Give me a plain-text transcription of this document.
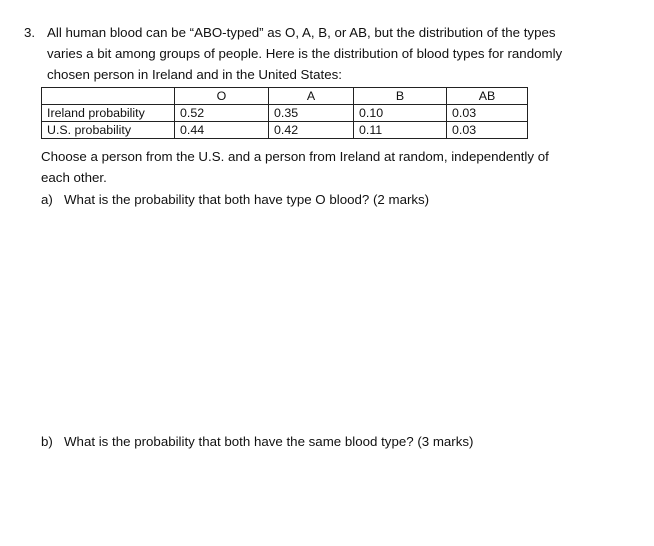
3. All human blood can be “ABO-typed” as O, A, B, or AB, but the distribution of the types
varies a bit among groups of people. Here is the distribution of blood types for randomly
chosen person in Ireland and in the United States:
	O	A	B	AB
Ireland probability	0.52	0.35	0.10	0.03
U.S. probability	0.44	0.42	0.11	0.03
Choose a person from the U.S. and a person from Ireland at random, independently of
each other.
a) What is the probability that both have type O blood? (2 marks)
b) What is the probability that both have the same blood type? (3 marks)
